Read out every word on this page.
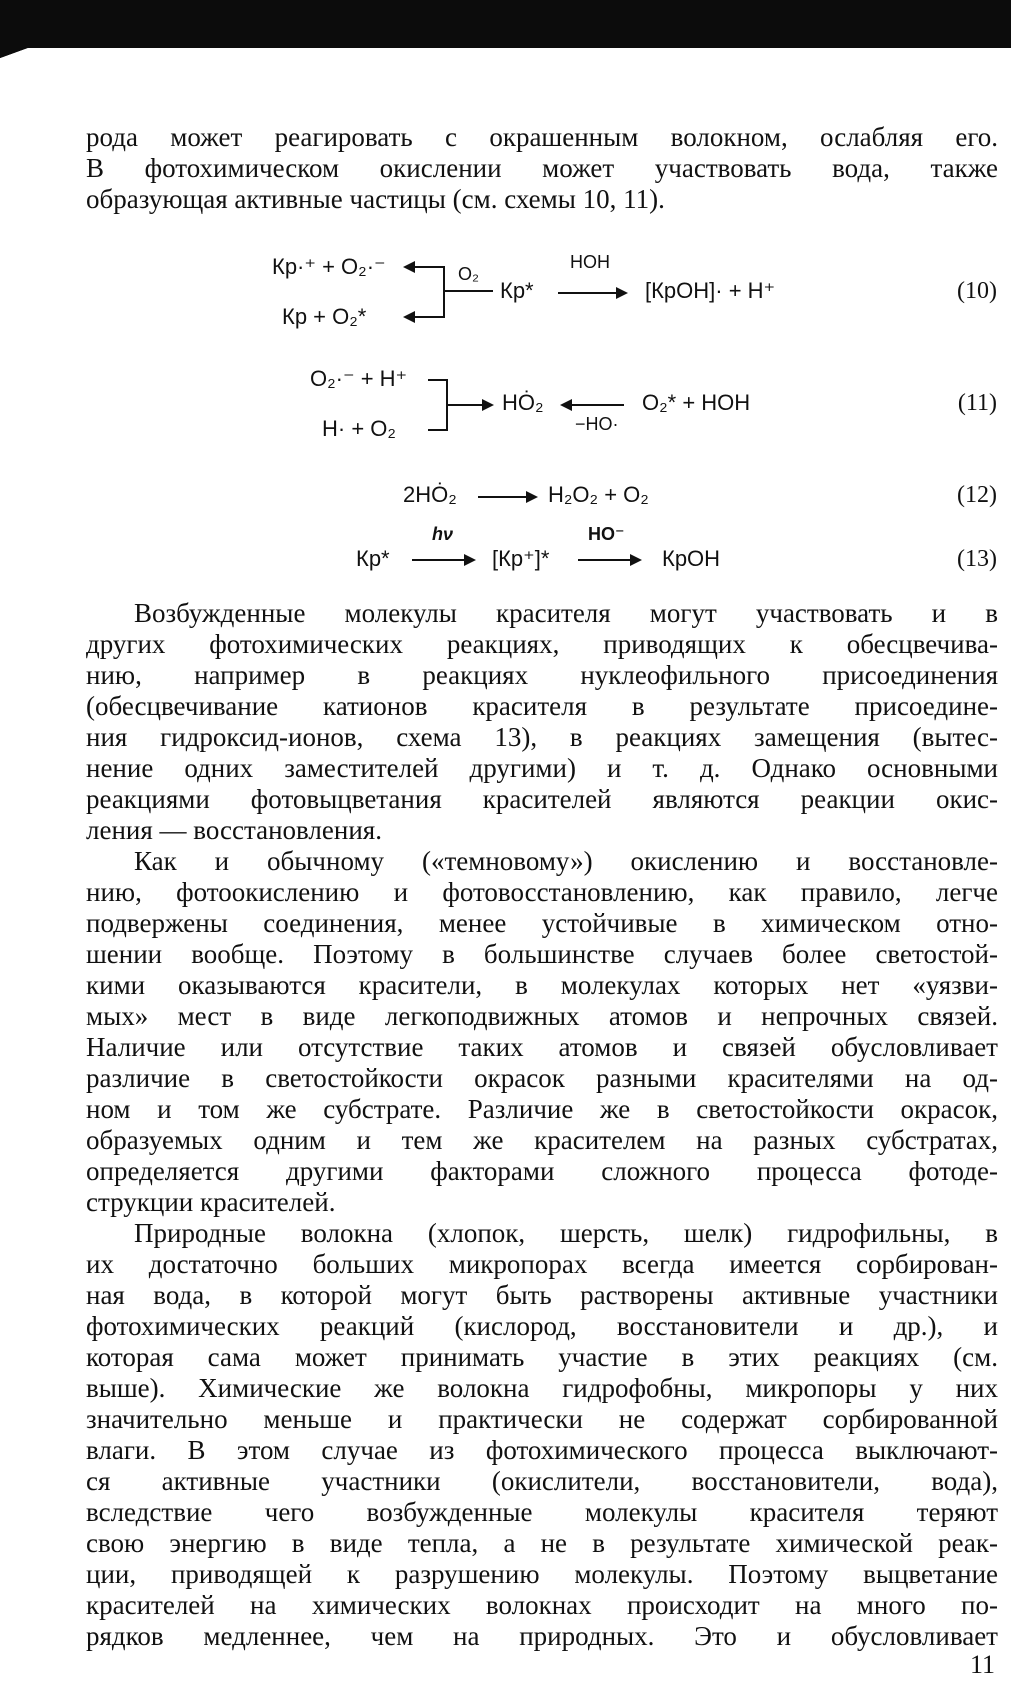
рода может реагировать с окрашенным волокном, ослабляя его.
В фотохимическом окислении может участвовать вода, также
образующая активные частицы (см. схемы 10, 11).
Кр·⁺ + O₂·⁻
Кр + O₂*
O₂
Кр*
HOH
[КрOH]· + H⁺	(10)
O₂·⁻ + H⁺
H· + O₂
HȮ₂
−HO·
O₂* + HOH	(11)
2HȮ₂	H₂O₂ + O₂	(12)
Кр*
hν
[Кр⁺]*
HO⁻
КрOH	(13)
Возбужденные молекулы красителя могут участвовать и в
других фотохимических реакциях, приводящих к обесцвечива-
нию, например в реакциях нуклеофильного присоединения
(обесцвечивание катионов красителя в результате присоедине-
ния гидроксид-ионов, схема 13), в реакциях замещения (вытес-
нение одних заместителей другими) и т. д. Однако основными
реакциями фотовыцветания красителей являются реакции окис-
ления — восстановления.
Как и обычному («темновому») окислению и восстановле-
нию, фотоокислению и фотовосстановлению, как правило, легче
подвержены соединения, менее устойчивые в химическом отно-
шении вообще. Поэтому в большинстве случаев более светостой-
кими оказываются красители, в молекулах которых нет «уязви-
мых» мест в виде легкоподвижных атомов и непрочных связей.
Наличие или отсутствие таких атомов и связей обусловливает
различие в светостойкости окрасок разными красителями на од-
ном и том же субстрате. Различие же в светостойкости окрасок,
образуемых одним и тем же красителем на разных субстратах,
определяется другими факторами сложного процесса фотоде-
струкции красителей.
Природные волокна (хлопок, шерсть, шелк) гидрофильны, в
их достаточно больших микропорах всегда имеется сорбирован-
ная вода, в которой могут быть растворены активные участники
фотохимических реакций (кислород, восстановители и др.), и
которая сама может принимать участие в этих реакциях (см.
выше). Химические же волокна гидрофобны, микропоры у них
значительно меньше и практически не содержат сорбированной
влаги. В этом случае из фотохимического процесса выключают-
ся активные участники (окислители, восстановители, вода),
вследствие чего возбужденные молекулы красителя теряют
свою энергию в виде тепла, а не в результате химической реак-
ции, приводящей к разрушению молекулы. Поэтому выцветание
красителей на химических волокнах происходит на много по-
рядков медленнее, чем на природных. Это и обусловливает
11
